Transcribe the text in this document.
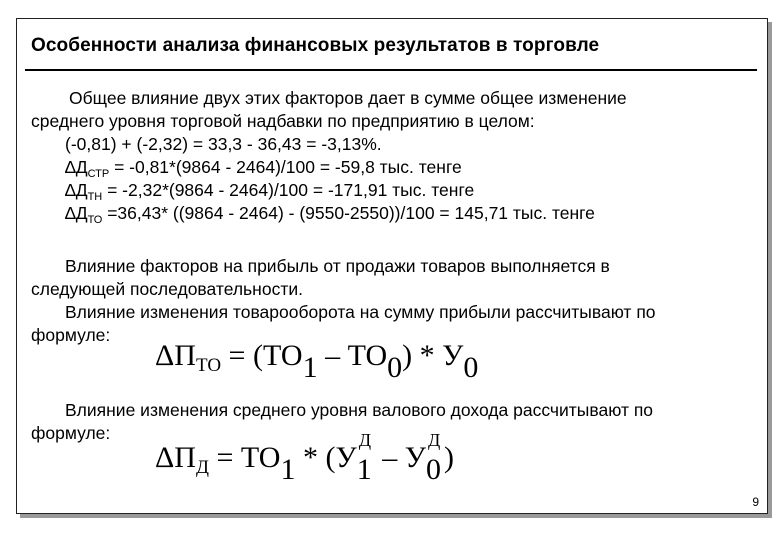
Особенности анализа финансовых результатов в торговле
Общее влияние двух этих факторов дает в сумме общее изменение
среднего уровня торговой надбавки по предприятию в целом:
(-0,81) + (-2,32) = 33,3 - 36,43 = -3,13%.
$\Delta Д_{СТР} = -0,81*(9864 - 2464)/100 = -59,8$ тыс. тенге
$\Delta Д_{ТН} = -2,32*(9864 - 2464)/100 = -171,91$ тыс. тенге
$\Delta Д_{ТО} =36,43*$ ((9864 - 2464) - (9550-2550))/100 = 145,71 тыс. тенге
Влияние факторов на прибыль от продажи товаров выполняется в
следующей последовательности.
Влияние изменения товарооборота на сумму прибыли рассчитывают по
формуле:
$\Delta П_{ТО} = (ТО1 - ТО0) * У0$
Влияние изменения среднего уровня валового дохода рассчитывают по
формуле:
$\Delta П_Д = ТО1 * (У$
Д
1 – У
Д
0 )
9
